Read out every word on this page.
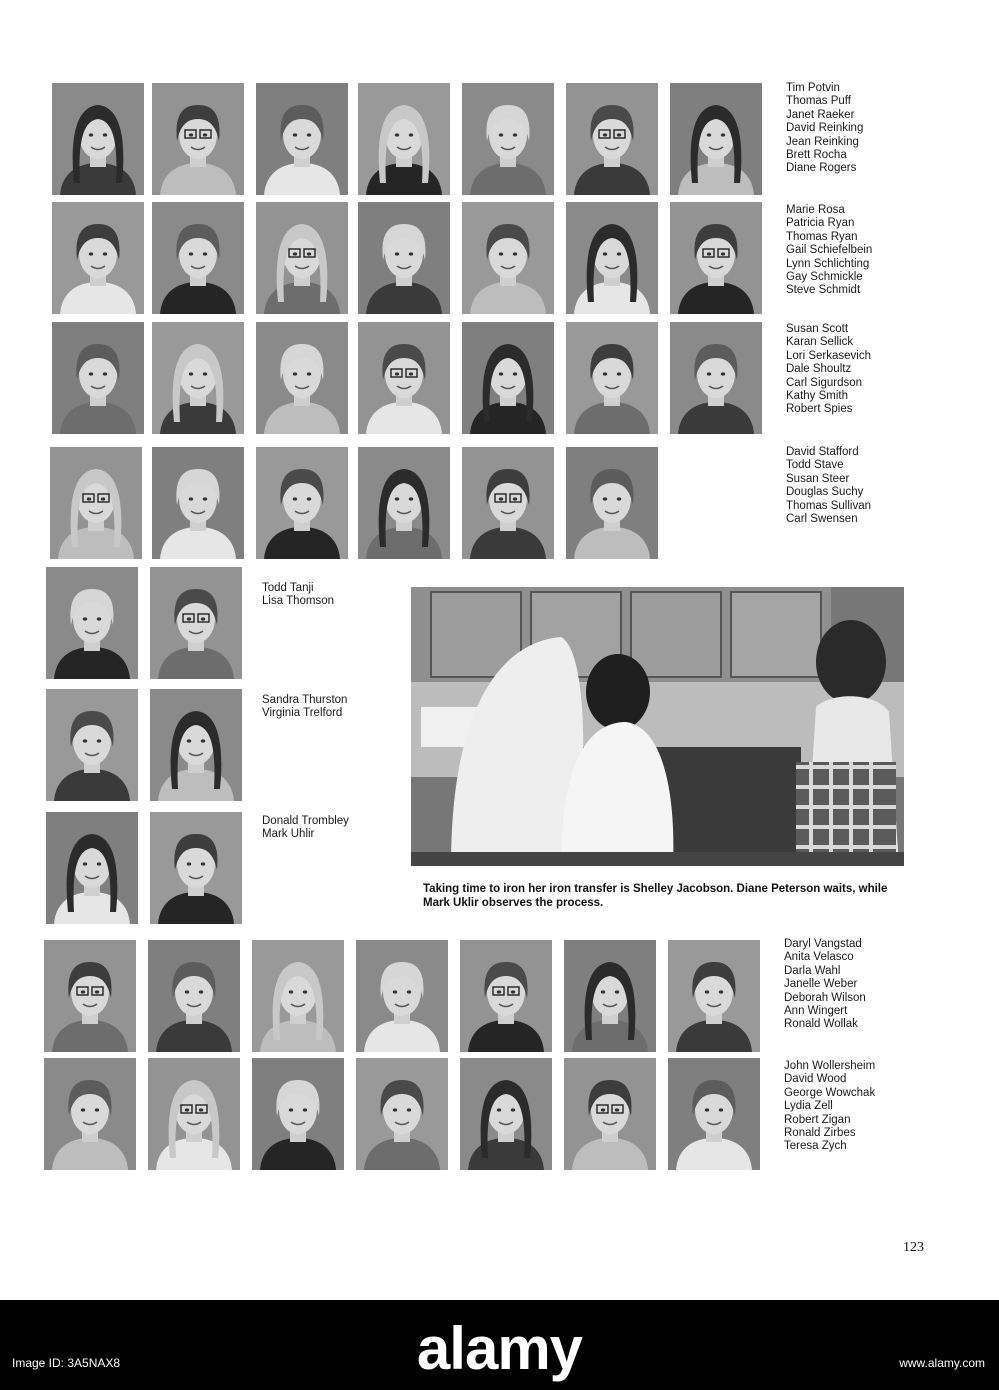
Tim Potvin
Thomas Puff
Janet Raeker
David Reinking
Jean Reinking
Brett Rocha
Diane Rogers
Marie Rosa
Patricia Ryan
Thomas Ryan
Gail Schiefelbein
Lynn Schlichting
Gay Schmickle
Steve Schmidt
Susan Scott
Karan Sellick
Lori Serkasevich
Dale Shoultz
Carl Sigurdson
Kathy Smith
Robert Spies
David Stafford
Todd Stave
Susan Steer
Douglas Suchy
Thomas Sullivan
Carl Swensen
Todd Tanji
Lisa Thomson
Sandra Thurston
Virginia Trelford
Donald Trombley
Mark Uhlir
Daryl Vangstad
Anita Velasco
Darla Wahl
Janelle Weber
Deborah Wilson
Ann Wingert
Ronald Wollak
John Wollersheim
David Wood
George Wowchak
Lydia Zell
Robert Zigan
Ronald Zirbes
Teresa Zych
Taking time to iron her iron transfer is Shelley Jacobson. Diane Peterson waits, while Mark Uklir observes the process.
123
alamy
Image ID: 3A5NAX8	www.alamy.com
